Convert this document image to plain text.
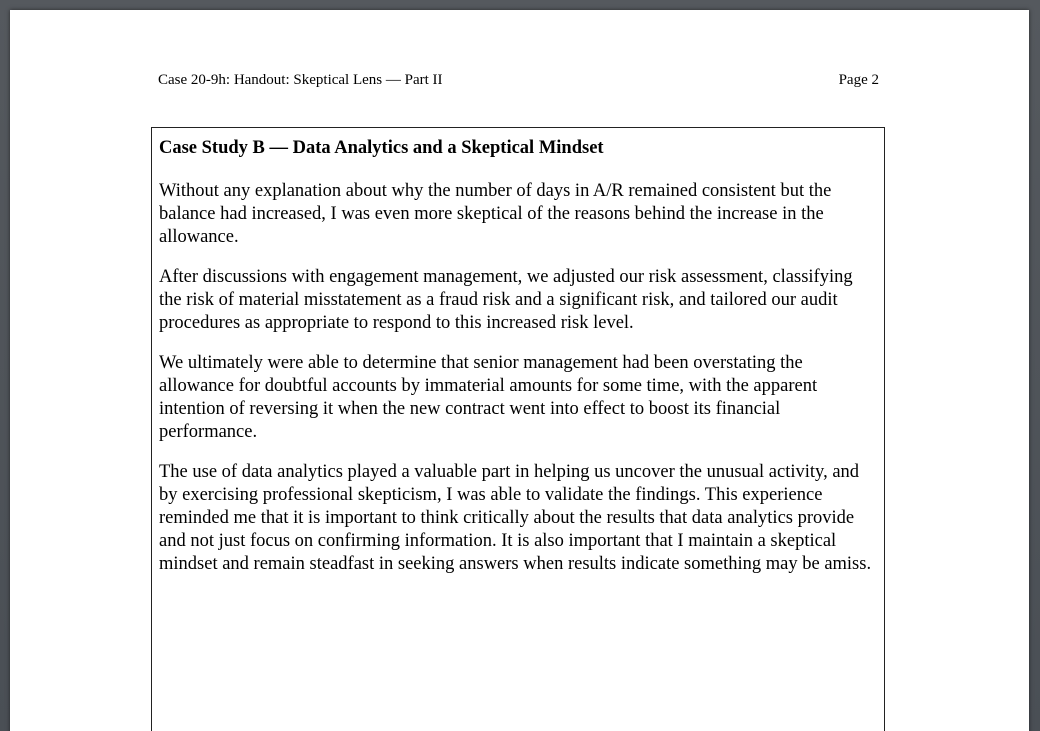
Case 20-9h: Handout: Skeptical Lens — Part II	Page 2
Case Study B — Data Analytics and a Skeptical Mindset

Without any explanation about why the number of days in A/R remained consistent but the balance had increased, I was even more skeptical of the reasons behind the increase in the allowance.

After discussions with engagement management, we adjusted our risk assessment, classifying the risk of material misstatement as a fraud risk and a significant risk, and tailored our audit procedures as appropriate to respond to this increased risk level.

We ultimately were able to determine that senior management had been overstating the allowance for doubtful accounts by immaterial amounts for some time, with the apparent intention of reversing it when the new contract went into effect to boost its financial performance.

The use of data analytics played a valuable part in helping us uncover the unusual activity, and by exercising professional skepticism, I was able to validate the findings. This experience reminded me that it is important to think critically about the results that data analytics provide and not just focus on confirming information. It is also important that I maintain a skeptical mindset and remain steadfast in seeking answers when results indicate something may be amiss.
